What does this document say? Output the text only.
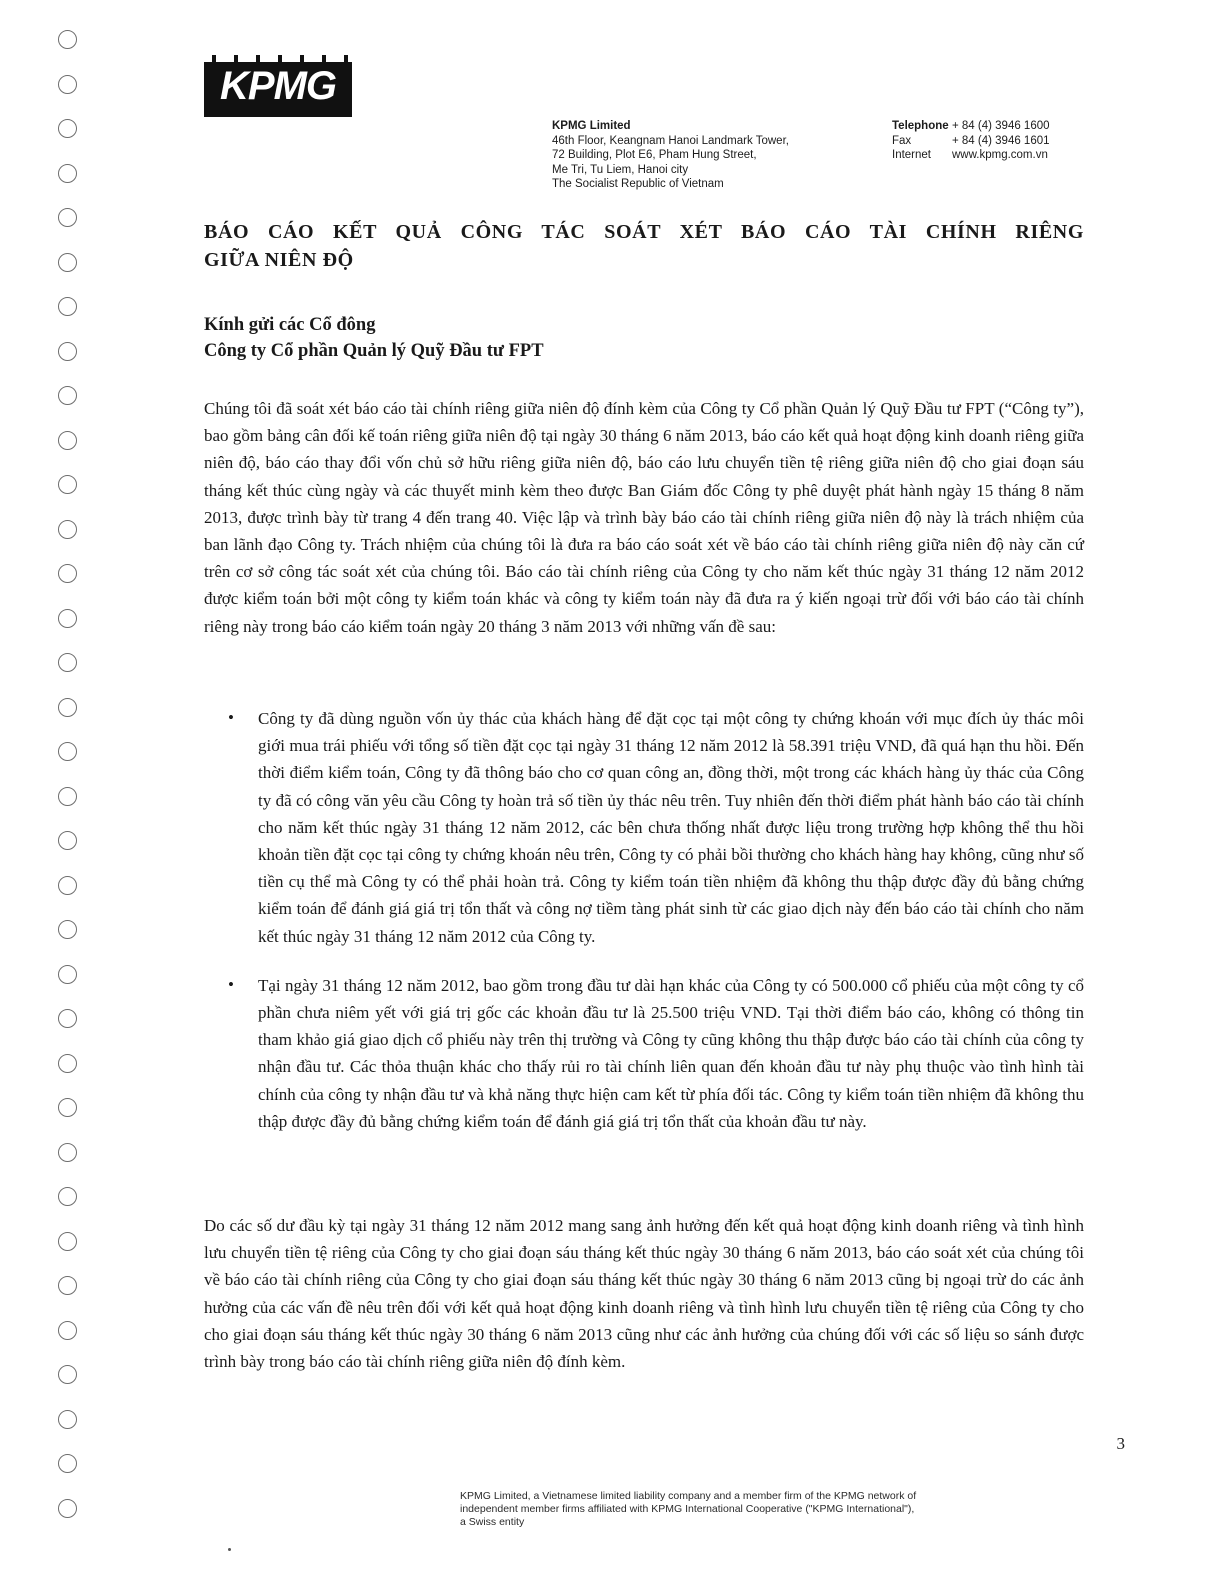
KPMG
KPMG Limited
46th Floor, Keangnam Hanoi Landmark Tower,
72 Building, Plot E6, Pham Hung Street,
Me Tri, Tu Liem, Hanoi city
The Socialist Republic of Vietnam
Telephone + 84 (4) 3946 1600
Fax	+ 84 (4) 3946 1601
Internet	www.kpmg.com.vn
BÁO CÁO KẾT QUẢ CÔNG TÁC SOÁT XÉT BÁO CÁO TÀI CHÍNH RIÊNG
GIỮA NIÊN ĐỘ
Kính gửi các Cổ đông
Công ty Cổ phần Quản lý Quỹ Đầu tư FPT
Chúng tôi đã soát xét báo cáo tài chính riêng giữa niên độ đính kèm của Công ty Cổ phần Quản lý Quỹ Đầu tư FPT (“Công ty”), bao gồm bảng cân đối kế toán riêng giữa niên độ tại ngày 30 tháng 6 năm 2013, báo cáo kết quả hoạt động kinh doanh riêng giữa niên độ, báo cáo thay đổi vốn chủ sở hữu riêng giữa niên độ, báo cáo lưu chuyển tiền tệ riêng giữa niên độ cho giai đoạn sáu tháng kết thúc cùng ngày và các thuyết minh kèm theo được Ban Giám đốc Công ty phê duyệt phát hành ngày 15 tháng 8 năm 2013, được trình bày từ trang 4 đến trang 40. Việc lập và trình bày báo cáo tài chính riêng giữa niên độ này là trách nhiệm của ban lãnh đạo Công ty. Trách nhiệm của chúng tôi là đưa ra báo cáo soát xét về báo cáo tài chính riêng giữa niên độ này căn cứ trên cơ sở công tác soát xét của chúng tôi. Báo cáo tài chính riêng của Công ty cho năm kết thúc ngày 31 tháng 12 năm 2012 được kiểm toán bởi một công ty kiểm toán khác và công ty kiểm toán này đã đưa ra ý kiến ngoại trừ đối với báo cáo tài chính riêng này trong báo cáo kiểm toán ngày 20 tháng 3 năm 2013 với những vấn đề sau:
• Công ty đã dùng nguồn vốn ủy thác của khách hàng để đặt cọc tại một công ty chứng khoán với mục đích ủy thác môi giới mua trái phiếu với tổng số tiền đặt cọc tại ngày 31 tháng 12 năm 2012 là 58.391 triệu VND, đã quá hạn thu hồi. Đến thời điểm kiểm toán, Công ty đã thông báo cho cơ quan công an, đồng thời, một trong các khách hàng ủy thác của Công ty đã có công văn yêu cầu Công ty hoàn trả số tiền ủy thác nêu trên. Tuy nhiên đến thời điểm phát hành báo cáo tài chính cho năm kết thúc ngày 31 tháng 12 năm 2012, các bên chưa thống nhất được liệu trong trường hợp không thể thu hồi khoản tiền đặt cọc tại công ty chứng khoán nêu trên, Công ty có phải bồi thường cho khách hàng hay không, cũng như số tiền cụ thể mà Công ty có thể phải hoàn trả. Công ty kiểm toán tiền nhiệm đã không thu thập được đầy đủ bằng chứng kiểm toán để đánh giá giá trị tổn thất và công nợ tiềm tàng phát sinh từ các giao dịch này đến báo cáo tài chính cho năm kết thúc ngày 31 tháng 12 năm 2012 của Công ty.
• Tại ngày 31 tháng 12 năm 2012, bao gồm trong đầu tư dài hạn khác của Công ty có 500.000 cổ phiếu của một công ty cổ phần chưa niêm yết với giá trị gốc các khoản đầu tư là 25.500 triệu VND. Tại thời điểm báo cáo, không có thông tin tham khảo giá giao dịch cổ phiếu này trên thị trường và Công ty cũng không thu thập được báo cáo tài chính của công ty nhận đầu tư. Các thỏa thuận khác cho thấy rủi ro tài chính liên quan đến khoản đầu tư này phụ thuộc vào tình hình tài chính của công ty nhận đầu tư và khả năng thực hiện cam kết từ phía đối tác. Công ty kiểm toán tiền nhiệm đã không thu thập được đầy đủ bằng chứng kiểm toán để đánh giá giá trị tổn thất của khoản đầu tư này.
Do các số dư đầu kỳ tại ngày 31 tháng 12 năm 2012 mang sang ảnh hưởng đến kết quả hoạt động kinh doanh riêng và tình hình lưu chuyển tiền tệ riêng của Công ty cho giai đoạn sáu tháng kết thúc ngày 30 tháng 6 năm 2013, báo cáo soát xét của chúng tôi về báo cáo tài chính riêng của Công ty cho giai đoạn sáu tháng kết thúc ngày 30 tháng 6 năm 2013 cũng bị ngoại trừ do các ảnh hưởng của các vấn đề nêu trên đối với kết quả hoạt động kinh doanh riêng và tình hình lưu chuyển tiền tệ riêng của Công ty cho cho giai đoạn sáu tháng kết thúc ngày 30 tháng 6 năm 2013 cũng như các ảnh hưởng của chúng đối với các số liệu so sánh được trình bày trong báo cáo tài chính riêng giữa niên độ đính kèm.
3
KPMG Limited, a Vietnamese limited liability company and a member firm of the KPMG network of independent member firms affiliated with KPMG International Cooperative ("KPMG International"), a Swiss entity
